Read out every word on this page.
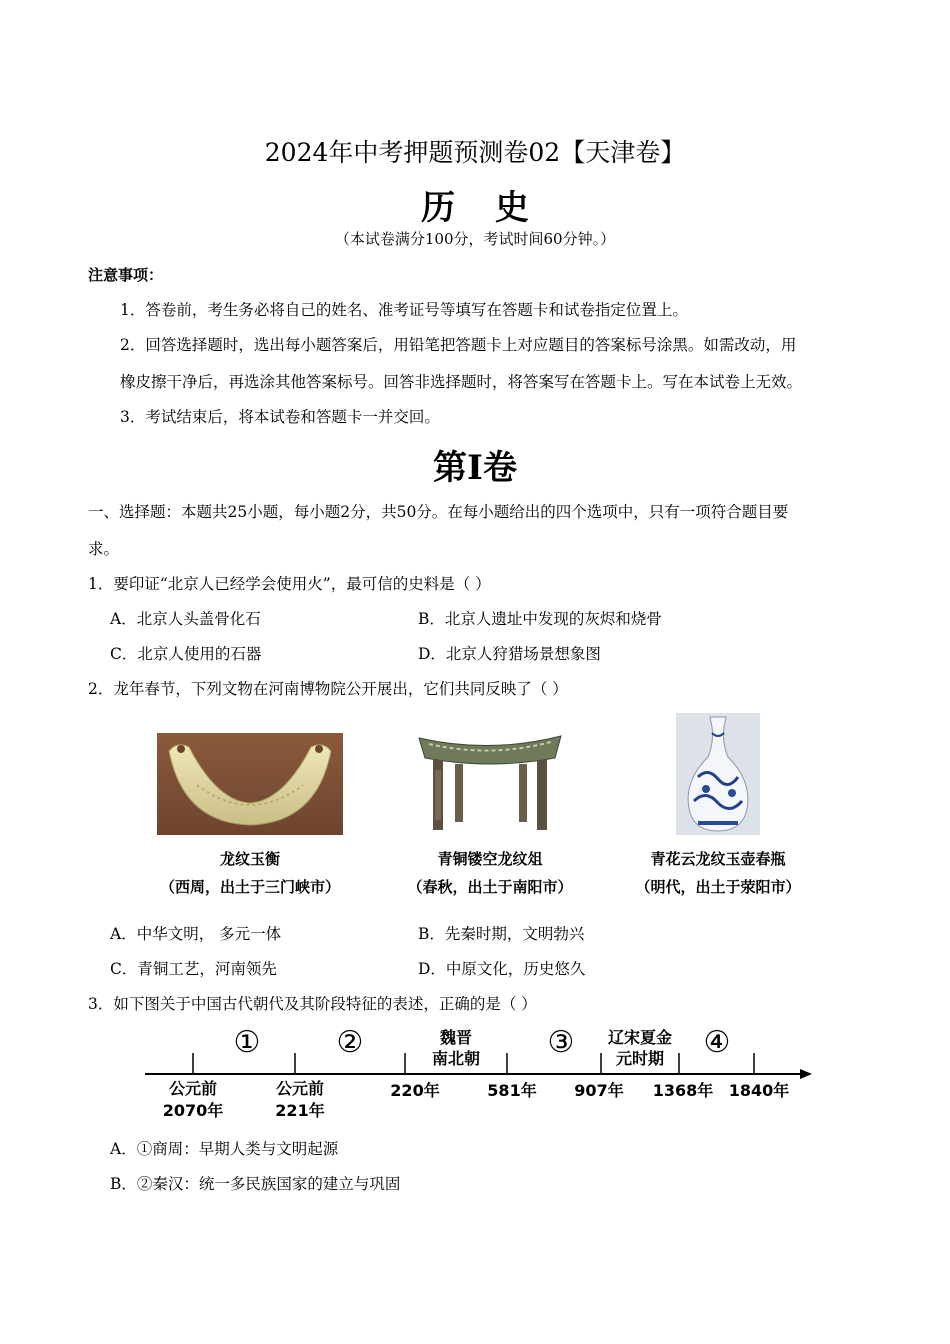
2024年中考押题预测卷02【天津卷】
历 史
（本试卷满分100分，考试时间60分钟。）
注意事项：
1．答卷前，考生务必将自己的姓名、准考证号等填写在答题卡和试卷指定位置上。
2．回答选择题时，选出每小题答案后，用铅笔把答题卡上对应题目的答案标号涂黑。如需改动，用
橡皮擦干净后，再选涂其他答案标号。回答非选择题时，将答案写在答题卡上。写在本试卷上无效。
3．考试结束后，将本试卷和答题卡一并交回。
第Ⅰ卷
一、选择题：本题共25小题，每小题2分，共50分。在每小题给出的四个选项中，只有一项符合题目要
求。
1．要印证“北京人已经学会使用火”，最可信的史料是（ ）
A．北京人头盖骨化石	B．北京人遗址中发现的灰烬和烧骨
C．北京人使用的石器	D．北京人狩猎场景想象图
2．龙年春节，下列文物在河南博物院公开展出，它们共同反映了（ ）
龙纹玉衡
（西周，出土于三门峡市）
青铜镂空龙纹俎
（春秋，出土于南阳市）
青花云龙纹玉壶春瓶
（明代，出土于荥阳市）
A．中华文明， 多元一体	B．先秦时期，文明勃兴
C．青铜工艺，河南领先	D．中原文化，历史悠久
3．如下图关于中国古代朝代及其阶段特征的表述，正确的是（ ）
①	②	③	④
魏晋
南北朝
辽宋夏金
元时期
公元前
2070年
公元前
221年
220年	581年	907年	1368年 1840年
A．①商周：早期人类与文明起源
B．②秦汉：统一多民族国家的建立与巩固
